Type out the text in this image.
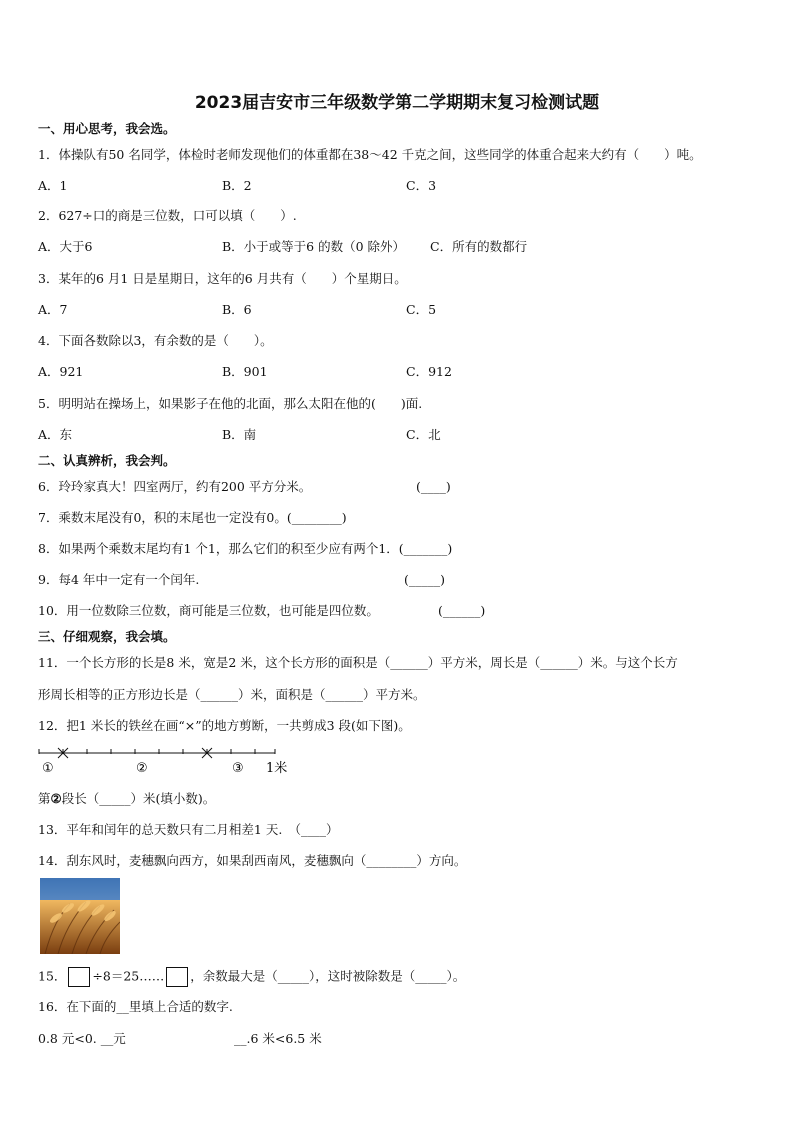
2023届吉安市三年级数学第二学期期末复习检测试题
一、用心思考，我会选。
1．体操队有50 名同学，体检时老师发现他们的体重都在38～42 千克之间，这些同学的体重合起来大约有（　　）吨。
A．1	B．2	C．3
2．627÷口的商是三位数，口可以填（　　）.
A．大于6	B．小于或等于6 的数（0 除外） C．所有的数都行
3．某年的6 月1 日是星期日，这年的6 月共有（　　）个星期日。
A．7	B．6	C．5
4．下面各数除以3，有余数的是（　　）。
A．921	B．901	C．912
5．明明站在操场上，如果影子在他的北面，那么太阳在他的(　　)面.
A．东	B．南	C．北
二、认真辨析，我会判。
6．玲玲家真大！四室两厅，约有200 平方分米。	(____)
7．乘数末尾没有0，积的末尾也一定没有0。(________)
8．如果两个乘数末尾均有1 个1，那么它们的积至少应有两个1．(_______)
9．每4 年中一定有一个闰年.	(_____)
10．用一位数除三位数，商可能是三位数，也可能是四位数。	(______)
三、仔细观察，我会填。
11．一个长方形的长是8 米，宽是2 米，这个长方形的面积是（______）平方米，周长是（______）米。与这个长方
形周长相等的正方形边长是（______）米，面积是（______）平方米。
12．把1 米长的铁丝在画“×”的地方剪断，一共剪成3 段(如下图)。
①	②	③ 1米
第②段长（_____）米(填小数)。
13．平年和闰年的总天数只有二月相差1 天.　（____）
14．刮东风时，麦穗飘向西方，如果刮西南风，麦穗飘向（________）方向。
15． ÷8＝25…… ，余数最大是（_____），这时被除数是（_____）。
16．在下面的__里填上合适的数字.
0.8 元<0. __元	__.6 米<6.5 米
